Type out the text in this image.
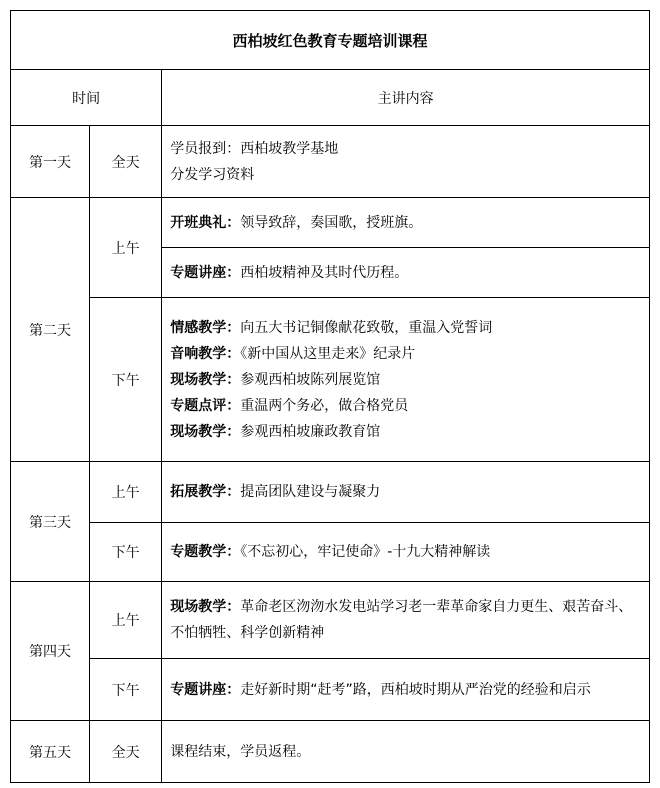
西柏坡红色教育专题培训课程		
时间		主讲内容
第一天	全天	学员报到：西柏坡教学基地
分发学习资料

第二天	上午	开班典礼：领导致辞，奏国歌，授班旗。
		专题讲座：西柏坡精神及其时代历程。
	下午	情感教学：向五大书记铜像献花致敬，重温入党誓词
音响教学：《新中国从这里走来》纪录片
现场教学：参观西柏坡陈列展览馆
专题点评：重温两个务必，做合格党员
现场教学：参观西柏坡廉政教育馆

第三天	上午	拓展教学：提高团队建设与凝聚力
	下午	专题教学：《不忘初心，牢记使命》-十九大精神解读
第四天	上午	现场教学：革命老区沕沕水发电站学习老一辈革命家自力更生、艰苦奋斗、不怕牺牲、科学创新精神

	下午	专题讲座：走好新时期“赶考”路，西柏坡时期从严治党的经验和启示
第五天	全天	课程结束，学员返程。
